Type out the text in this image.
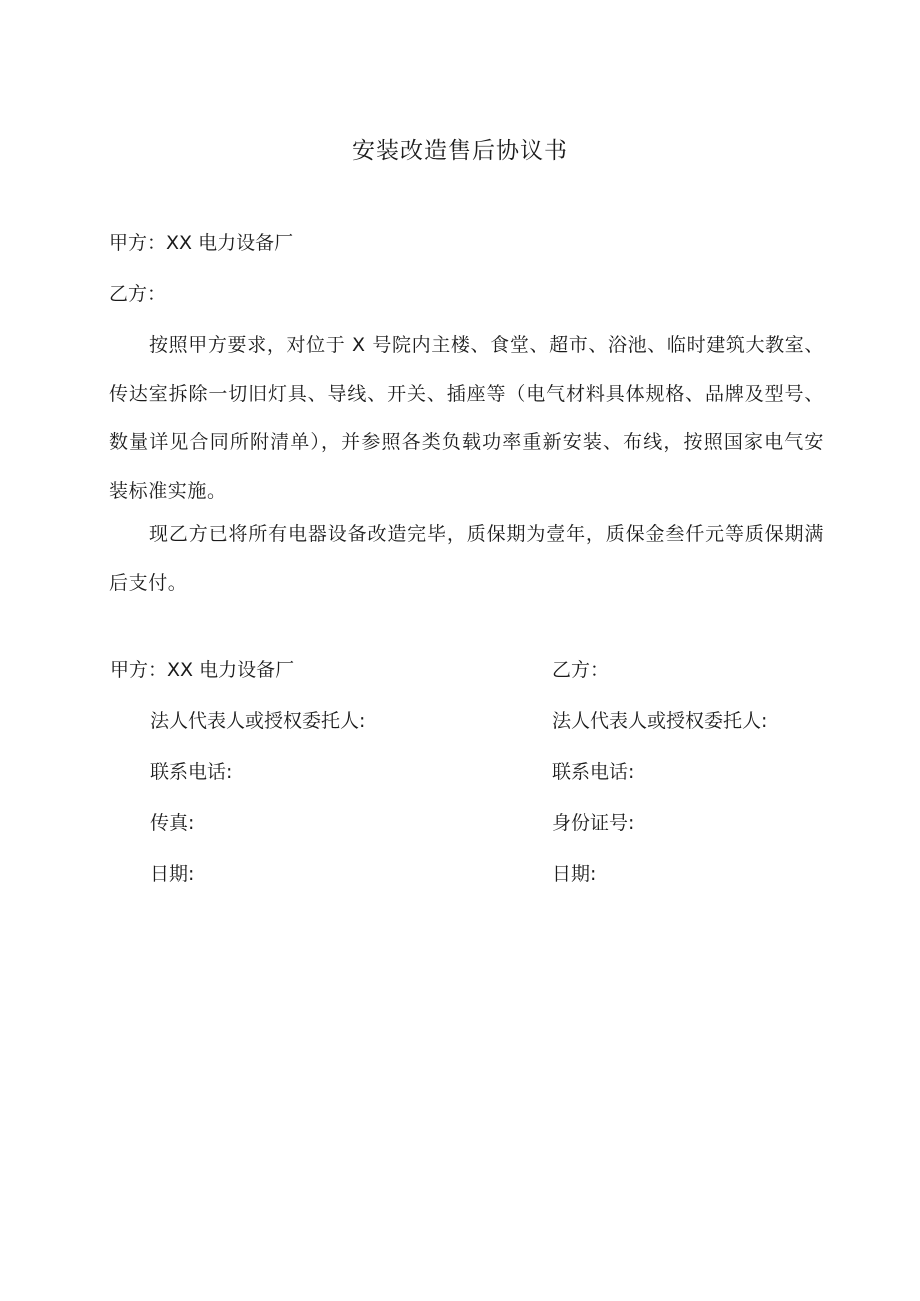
安装改造售后协议书
甲方：XX 电力设备厂
乙方：
按照甲方要求，对位于 X 号院内主楼、食堂、超市、浴池、临时建筑大教室、传达室拆除一切旧灯具、导线、开关、插座等（电气材料具体规格、品牌及型号、数量详见合同所附清单），并参照各类负载功率重新安装、布线，按照国家电气安装标准实施。
现乙方已将所有电器设备改造完毕，质保期为壹年，质保金叁仟元等质保期满后支付。
甲方：XX 电力设备厂
法人代表人或授权委托人:
联系电话:
传真:
日期:
乙方：
法人代表人或授权委托人:
联系电话:
身份证号:
日期:
